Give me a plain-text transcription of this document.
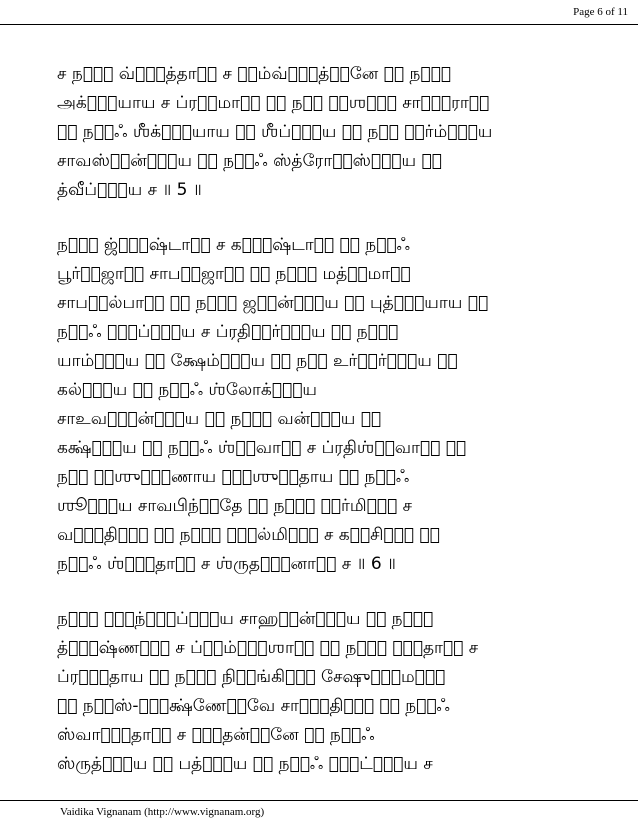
Page 6 of 11
ச நமோ॑ வ்ரு॒த்தாய॑ ச ஸ॒ம்வ்ரு॒த்வ॑னே ச॒ நமோ॒
அக்ரி॑யாய ச ப்ரத॒மாய॑ ச॒ நம॑ ஆ॒ஶவே॑ சாஜி॒ராய॑
ச॒ நம॒ஃ ஶீக்ரி॑யாய ச॒ ஶீப்யா॑ய ச॒ நம॑ ஊ॒ர்ம்யா॑ய
சாவஸ்வ॒ன்யா॑ய ச॒ நம॑ஃ ஸ்த்ரோத॒ஸ்யா॑ய ச॒
த்வீப்யா॑ய ச ॥ 5 ॥
நமோ॑ ஜ்யே॒ஷ்டாய॑ ச கனி॒ஷ்டாய॑ ச॒ நம॑ஃ
பூர்வ॒ஜாய॑ சாபர॒ஜாய॑ ச॒ நமோ॑ மத்ய॒மாய॑
சாபக॒ல்பாய॑ ச॒ நமோ॑ ஜக॒ன்யா॑ய ச॒ புத்னி॑யாய ச॒
நம॑ஃ ஸோ॒ப்யா॑ய ச ப்ரதிஸ॒ர்யா॑ய ச॒ நமோ॒
யாம்யா॑ய ச॒ க்ஷேம்யா॑ய ச॒ நம॑ உர்வ॒ர்யா॑ய ச॒
கல்யா॑ய ச॒ நம॒ஃ ஶ்லோக்யா॑ய
சாஉவஸா॒ன்யா॑ய ச॒ நமோ॒ வன்யா॑ய ச॒
கக்ஷ்யா॑ய ச॒ நம॑ஃ ஶ்ர॒வாய॑ ச ப்ரதிஶ்ர॒வாய॑ ச॒
நம॑ ஆ॒ஶுஷே॑ணாய சா॒ஶுர॑தாய ச॒ நம॒ஃ
ஶூரா॑ய சாவபிந்த॒தே ச॒ நமோ॑ வ॒ர்மிணே॑ ச
வரூ॒தினே॑ ச॒ நமோ॑ பி॒ல்மினே॑ ச கவ॒சினே॑ ச॒
நம॑ஃ ஶ்ரு॒தாய॑ ச ஶ்ருதஸே॒னாய॒ ச ॥ 6 ॥
நமோ॑ து॒ந்து॒ப்யா॑ய சாஹன॒ன்யா॑ய ச॒ நமோ॑
த்ரு॒ஷ்ணவே॑ ச ப்ர॒ம்ரு॒ஶாய॑ ச॒ நமோ॑ தூ॒தாய॑ ச
ப்ரஹி॑தாய ச॒ நமோ॑ நிஷ॒ங்கிணே॑ சேஷுதி॒மதே॑
ச॒ நம॑ஸ்-தீ॒க்ஷ்ணேஷ॑வே சாயு॒தினே॑ ச॒ நம॑ஃ
ஸ்வாயு॒தாய॑ ச ஸு॒தன்வ॑னே ச॒ நம॒ஃ
ஸ்ருத்யா॑ய ச॒ பத்யா॑ய ச॒ நம॑ஃ கா॒ட்யா॑ய ச
Vaidika Vignanam (http://www.vignanam.org)
